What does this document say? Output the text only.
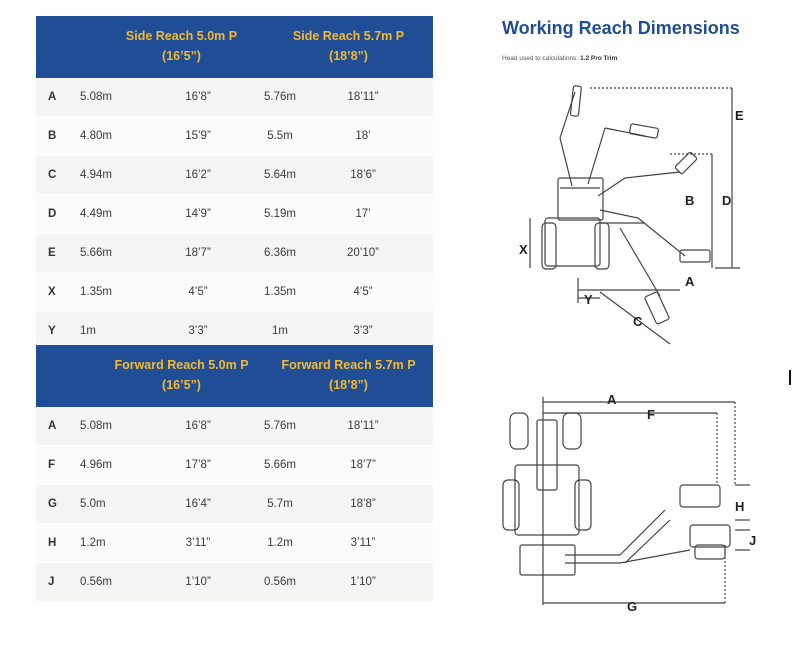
Side Reach 5.0m P
(16’5”)
Side Reach 5.7m P
(18’8”)
A	5.08m	16’8”	5.76m	18’11”
B	4.80m	15’9”	5.5m	18’
C	4.94m	16’2”	5.64m	18’6”
D	4.49m	14’9”	5.19m	17’
E	5.66m	18’7”	6.36m	20’10”
X	1.35m	4’5”	1.35m	4’5”
Y	1m	3’3”	1m	3’3”
Forward Reach 5.0m P
(16’5”)
Forward Reach 5.7m P
(18’8”)
A	5.08m	16’8”	5.76m	18’11”
F	4.96m	17’8”	5.66m	18’7”
G	5.0m	16’4”	5.7m	18’8”
H	1.2m	3’11”	1.2m	3’11”
J	0.56m	1’10”	0.56m	1’10”
Working Reach Dimensions
Head used to calculations: 1.2 Pro Trim
E
D
B
X
A
Y
C
A
F
H
J
G
